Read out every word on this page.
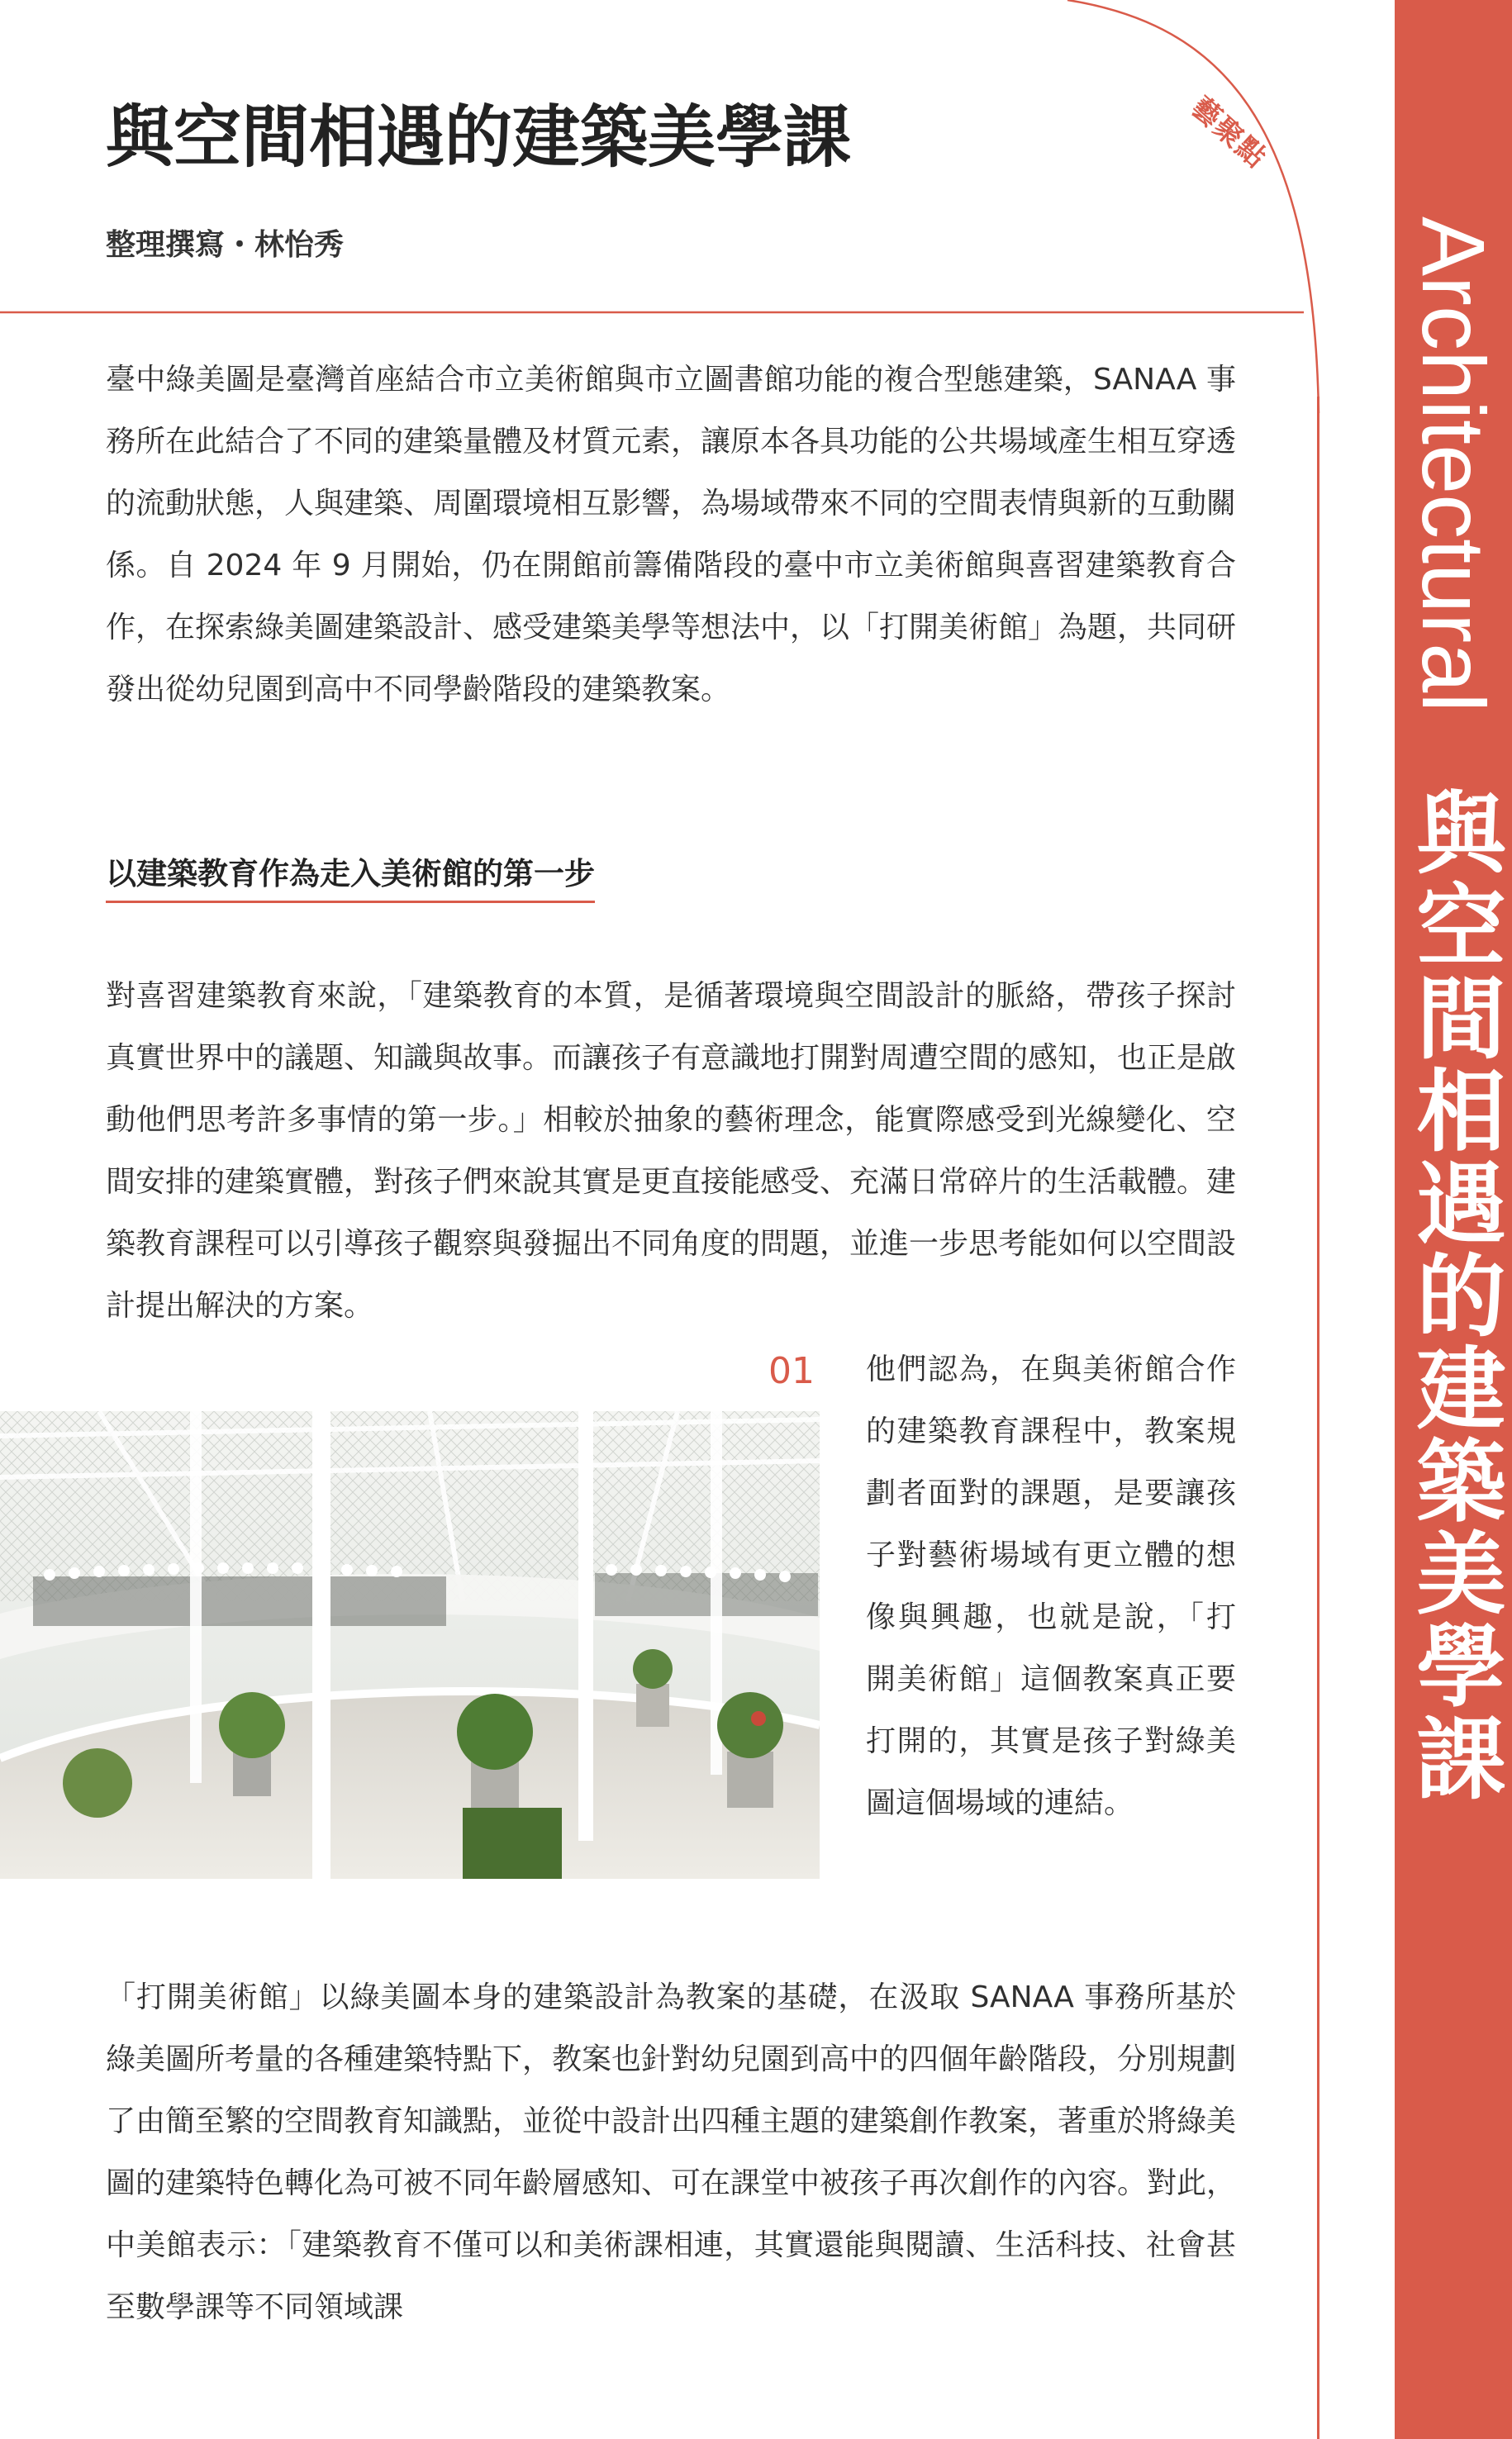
藝聚點
Architectural
與空間相遇的建築美學課
與空間相遇的建築美學課
整理撰寫・林怡秀

臺中綠美圖是臺灣首座結合市立美術館與市立圖書館功能的複合型態建築，SANAA 事務所在此結合了不同的建築量體及材質元素，讓原本各具功能的公共場域產生相互穿透的流動狀態，人與建築、周圍環境相互影響，為場域帶來不同的空間表情與新的互動關係。自 2024 年 9 月開始，仍在開館前籌備階段的臺中市立美術館與喜習建築教育合作，在探索綠美圖建築設計、感受建築美學等想法中，以「打開美術館」為題，共同研發出從幼兒園到高中不同學齡階段的建築教案。

以建築教育作為走入美術館的第一步

對喜習建築教育來說，「建築教育的本質，是循著環境與空間設計的脈絡，帶孩子探討真實世界中的議題、知識與故事。而讓孩子有意識地打開對周遭空間的感知，也正是啟動他們思考許多事情的第一步。」相較於抽象的藝術理念，能實際感受到光線變化、空間安排的建築實體，對孩子們來說其實是更直接能感受、充滿日常碎片的生活載體。建築教育課程可以引導孩子觀察與發掘出不同角度的問題，並進一步思考能如何以空間設計提出解決的方案。

01 他們認為，在與美術館合作的建築教育課程中，教案規劃者面對的課題，是要讓孩子對藝術場域有更立體的想像與興趣，也就是說，「打開美術館」這個教案真正要打開的，其實是孩子對綠美圖這個場域的連結。

「打開美術館」以綠美圖本身的建築設計為教案的基礎，在汲取 SANAA 事務所基於綠美圖所考量的各種建築特點下，教案也針對幼兒園到高中的四個年齡階段，分別規劃了由簡至繁的空間教育知識點，並從中設計出四種主題的建築創作教案，著重於將綠美圖的建築特色轉化為可被不同年齡層感知、可在課堂中被孩子再次創作的內容。對此，中美館表示：「建築教育不僅可以和美術課相連，其實還能與閱讀、生活科技、社會甚至數學課等不同領域課
